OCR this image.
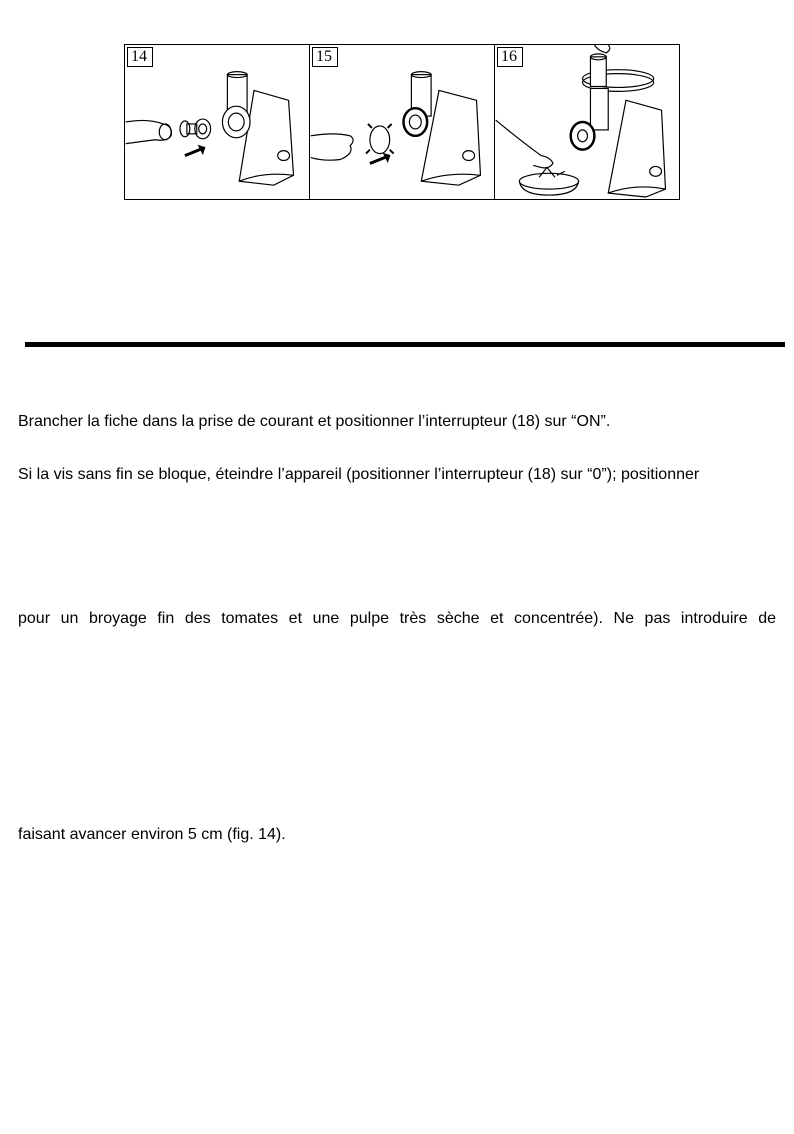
14	15	16

Brancher la fiche dans la prise de courant et positionner l’interrupteur (18) sur “ON”.

Si la vis sans fin se bloque, éteindre l’appareil (positionner l’interrupteur (18) sur “0”); positionner

pour un broyage fin des tomates et une pulpe très sèche et concentrée). Ne pas introduire de

faisant avancer environ 5 cm (fig. 14).
